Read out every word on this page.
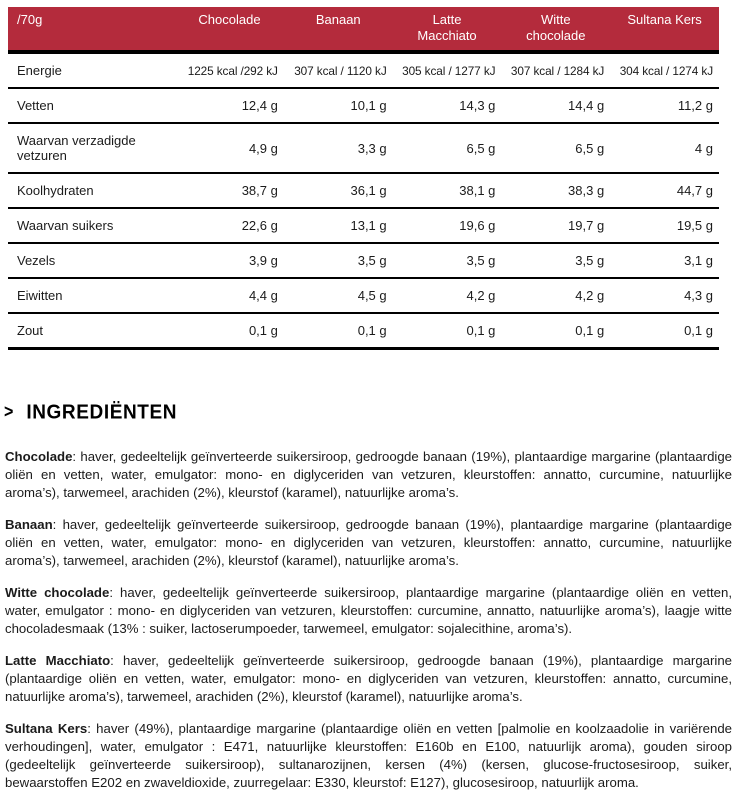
/70g	Chocolade	Banaan	Latte Macchiato	Witte chocolade	Sultana Kers
Energie	1225 kcal /292 kJ	307 kcal / 1120 kJ	305 kcal / 1277 kJ	307 kcal / 1284 kJ	304 kcal / 1274 kJ
Vetten	12,4 g	10,1 g	14,3 g	14,4 g	11,2 g
Waarvan verzadigde vetzuren	4,9 g	3,3 g	6,5 g	6,5 g	4 g
Koolhydraten	38,7 g	36,1 g	38,1 g	38,3 g	44,7 g
Waarvan suikers	22,6 g	13,1 g	19,6 g	19,7 g	19,5 g
Vezels	3,9 g	3,5 g	3,5 g	3,5 g	3,1 g
Eiwitten	4,4 g	4,5 g	4,2 g	4,2 g	4,3 g
Zout	0,1 g	0,1 g	0,1 g	0,1 g	0,1 g
> INGREDIËNTEN

Chocolade: haver, gedeeltelijk geïnverteerde suikersiroop, gedroogde banaan (19%), plantaardige margarine (plantaardige oliën en vetten, water, emulgator: mono- en diglyceriden van vetzuren, kleurstoffen: annatto, curcumine, natuurlijke aroma’s), tarwemeel, arachiden (2%), kleurstof (karamel), natuurlijke aroma’s.

Banaan: haver, gedeeltelijk geïnverteerde suikersiroop, gedroogde banaan (19%), plantaardige margarine (plantaardige oliën en vetten, water, emulgator: mono- en diglyceriden van vetzuren, kleurstoffen: annatto, curcumine, natuurlijke aroma’s), tarwemeel, arachiden (2%), kleurstof (karamel), natuurlijke aroma’s.

Witte chocolade: haver, gedeeltelijk geïnverteerde suikersiroop, plantaardige margarine (plantaardige oliën en vetten, water, emulgator : mono- en diglyceriden van vetzuren, kleurstoffen: curcumine, annatto, natuurlijke aroma’s), laagje witte chocoladesmaak (13% : suiker, lactoserumpoeder, tarwemeel, emulgator: sojalecithine, aroma’s).

Latte Macchiato: haver, gedeeltelijk geïnverteerde suikersiroop, gedroogde banaan (19%), plantaardige margarine (plantaardige oliën en vetten, water, emulgator: mono- en diglyceriden van vetzuren, kleurstoffen: annatto, curcumine, natuurlijke aroma’s), tarwemeel, arachiden (2%), kleurstof (karamel), natuurlijke aroma’s.

Sultana Kers: haver (49%), plantaardige margarine (plantaardige oliën en vetten [palmolie en koolzaadolie in variërende verhoudingen], water, emulgator : E471, natuurlijke kleurstoffen: E160b en E100, natuurlijk aroma), gouden siroop (gedeeltelijk geïnverteerde suikersiroop), sultanarozijnen, kersen (4%) (kersen, glucose-fructosesiroop, suiker, bewaarstoffen E202 en zwaveldioxide, zuurregelaar: E330, kleurstof: E127), glucosesiroop, natuurlijk aroma.
